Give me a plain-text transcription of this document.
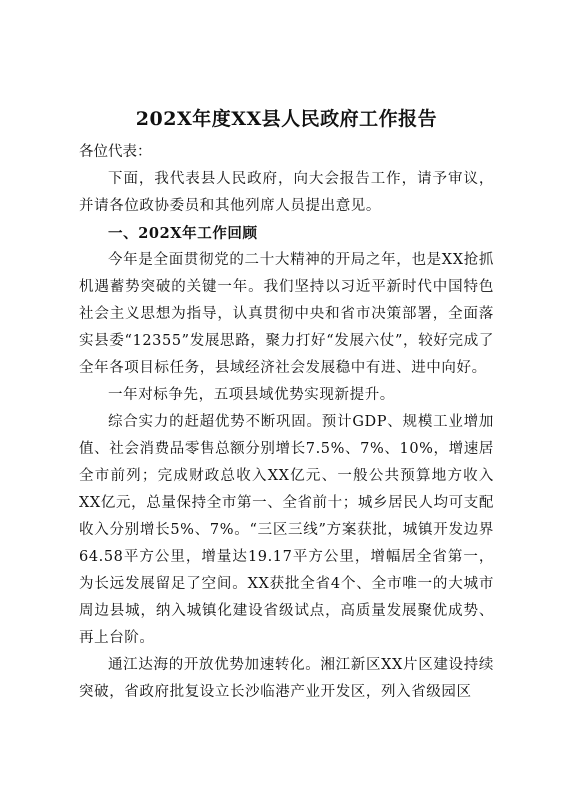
202X年度XX县人民政府工作报告

各位代表：

下面，我代表县人民政府，向大会报告工作，请予审议，并请各位政协委员和其他列席人员提出意见。

一、202X年工作回顾

今年是全面贯彻党的二十大精神的开局之年，也是XX抢抓机遇蓄势突破的关键一年。我们坚持以习近平新时代中国特色社会主义思想为指导，认真贯彻中央和省市决策部署，全面落实县委“12355”发展思路，聚力打好“发展六仗”，较好完成了全年各项目标任务，县域经济社会发展稳中有进、进中向好。

一年对标争先，五项县域优势实现新提升。

综合实力的赶超优势不断巩固。预计GDP、规模工业增加值、社会消费品零售总额分别增长7.5%、7%、10%，增速居全市前列；完成财政总收入XX亿元、一般公共预算地方收入XX亿元，总量保持全市第一、全省前十；城乡居民人均可支配收入分别增长5%、7%。“三区三线”方案获批，城镇开发边界64.58平方公里，增量达19.17平方公里，增幅居全省第一，为长远发展留足了空间。XX获批全省4个、全市唯一的大城市周边县城，纳入城镇化建设省级试点，高质量发展聚优成势、再上台阶。

通江达海的开放优势加速转化。湘江新区XX片区建设持续突破，省政府批复设立长沙临港产业开发区，列入省级园区
